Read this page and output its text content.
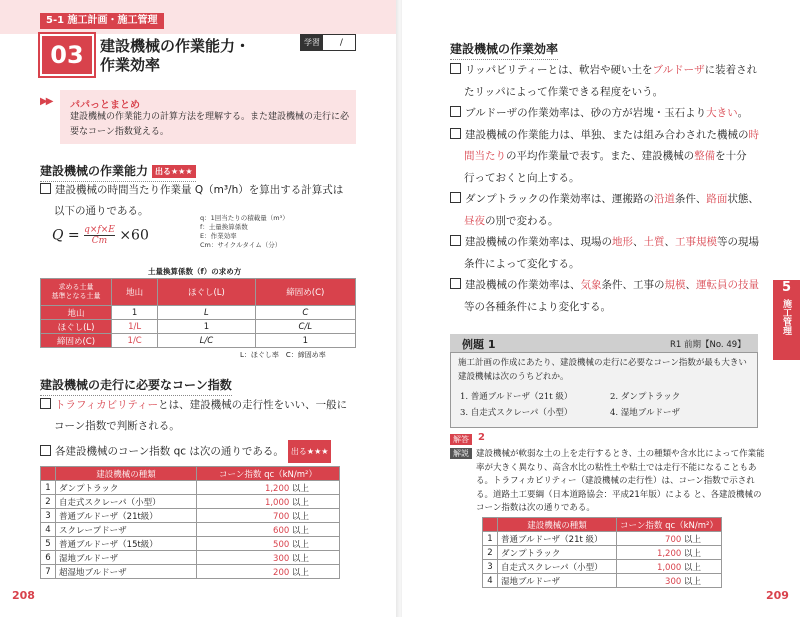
5-1 施工計画・施工管理
03	建設機械の作業能力・
作業効率
学習 /
▶▶ パパっとまとめ
建設機械の作業能力の計算方法を理解する。また建設機械の走行に必要なコーン指数覚える。
建設機械の作業能力 出る★★★
建設機械の時間当たり作業量 Q（m³/h）を算出する計算式は
以下の通りである。
$Q = \frac{q\times f\times E}{Cm} \times 60$
q：1回当たりの積載量（m³）
f：土量換算係数
E：作業効率
Cm：サイクルタイム（分）
土量換算係数（f）の求め方
求める土量
基準となる土量	地山	ほぐし(L)	締固め(C)
地山	1	L	C
ほぐし(L)	1/L	1	C/L
締固め(C)	1/C	L/C	1
L：ほぐし率　C：締固め率
建設機械の走行に必要なコーン指数
トラフィカビリティーとは、建設機械の走行性をいい、一般に
コーン指数で判断される。
各建設機械のコーン指数 qc は次の通りである。 出る★★★
	建設機械の種類	コーン指数 qc（kN/m²）
1	ダンプトラック	1,200 以上
2	自走式スクレーパ（小型）	1,000 以上
3	普通ブルドーザ（21t級）	700 以上
4	スクレープドーザ	600 以上
5	普通ブルドーザ（15t級）	500 以上
6	湿地ブルドーザ	300 以上
7	超湿地ブルドーザ	200 以上
208
建設機械の作業効率
リッパビリティーとは、軟岩や硬い土をブルドーザに装着され
たリッパによって作業できる程度をいう。
ブルドーザの作業効率は、砂の方が岩塊・玉石より大きい。
建設機械の作業能力は、単独、または組み合わされた機械の時
間当たりの平均作業量で表す。また、建設機械の整備を十分
行っておくと向上する。
ダンプトラックの作業効率は、運搬路の沿道条件、路面状態、
昼夜の別で変わる。
建設機械の作業効率は、現場の地形、土質、工事規模等の現場
条件によって変化する。
建設機械の作業効率は、気象条件、工事の規模、運転員の技量
等の各種条件により変化する。
5
施工管理
例題 1	R1 前期【No. 49】
施工計画の作成にあたり、建設機械の走行に必要なコーン指数が最も大きい建設機械は次のうちどれか。
1. 普通ブルドーザ（21t 級）	2. ダンプトラック
3. 自走式スクレーパ（小型）	4. 湿地ブルドーザ
解答 2
解説 建設機械が軟弱な土の上を走行するとき、土の種類や含水比によって作業能率が大きく異なり、高含水比の粘性土や粘土では走行不能になることもある。トラフィカビリティー（建設機械の走行性）は、コーン指数で示される。道路土工要綱（日本道路協会：平成21年版）による と、各建設機械のコーン指数は次の通りである。
	建設機械の種類	コーン指数 qc（kN/m²）
1	普通ブルドーザ（21t 級）	700 以上
2	ダンプトラック	1,200 以上
3	自走式スクレーパ（小型）	1,000 以上
4	湿地ブルドーザ	300 以上
209
